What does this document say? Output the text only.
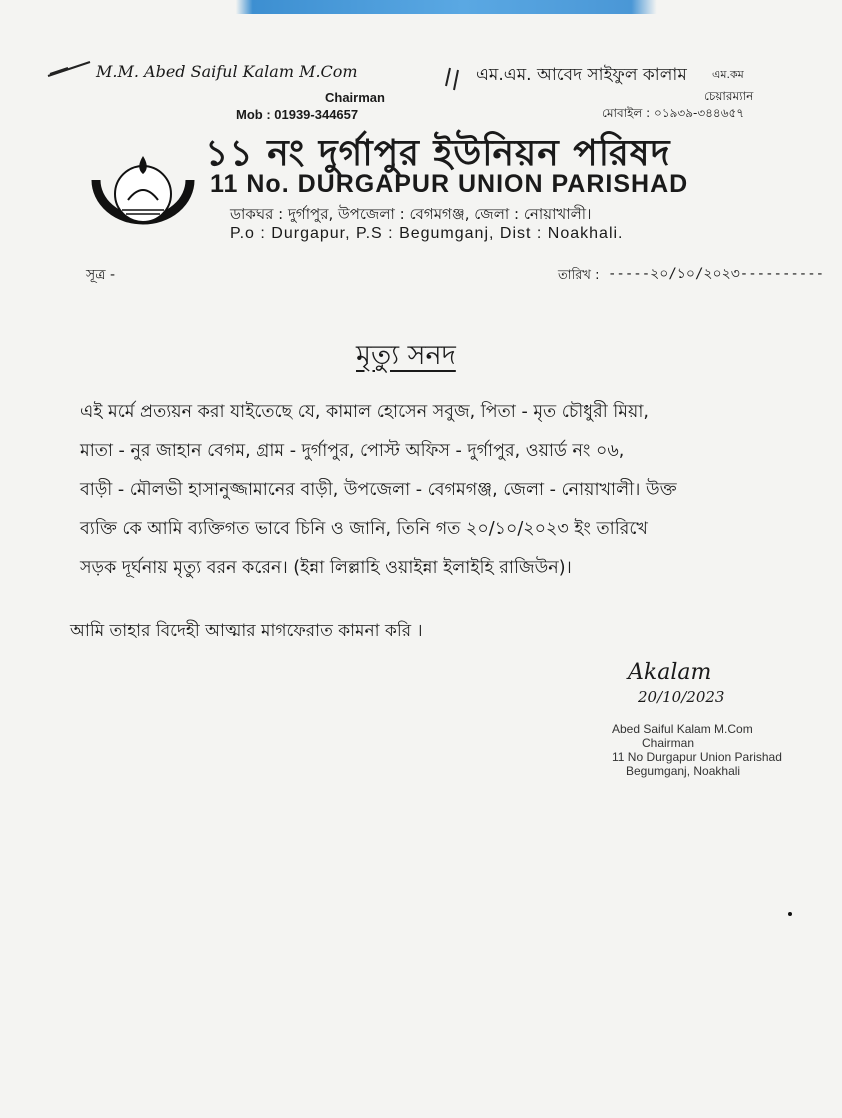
M.M. Abed Saiful Kalam M.Com
Chairman
Mob : 01939-344657
এম.এম. আবেদ সাইফুল কালাম এম.কম
চেয়ারম্যান
মোবাইল : ০১৯৩৯-৩৪৪৬৫৭
১১ নং দুর্গাপুর ইউনিয়ন পরিষদ
11 No. DURGAPUR UNION PARISHAD
ডাকঘর : দুর্গাপুর, উপজেলা : বেগমগঞ্জ, জেলা : নোয়াখালী।
P.o : Durgapur, P.S : Begumganj, Dist : Noakhali.
সূত্র -	তারিখ : -----২০/১০/২০২৩----------
মৃত্যু সনদ
এই মর্মে প্রত্যয়ন করা যাইতেছে যে, কামাল হোসেন সবুজ, পিতা - মৃত চৌধুরী মিয়া,
মাতা - নুর জাহান বেগম, গ্রাম - দুর্গাপুর, পোস্ট অফিস - দুর্গাপুর, ওয়ার্ড নং ০৬,
বাড়ী - মৌলভী হাসানুজ্জামানের বাড়ী, উপজেলা - বেগমগঞ্জ, জেলা - নোয়াখালী। উক্ত
ব্যক্তি কে আমি ব্যক্তিগত ভাবে চিনি ও জানি, তিনি গত ২০/১০/২০২৩ ইং তারিখে
সড়ক দূর্ঘনায় মৃত্যু বরন করেন। (ইন্না লিল্লাহি ওয়াইন্না ইলাইহি রাজিউন)।
আমি তাহার বিদেহী আত্মার মাগফেরাত কামনা করি ।
Akalam
20/10/2023
Abed Saiful Kalam M.Com
Chairman
11 No Durgapur Union Parishad
Begumganj, Noakhali
